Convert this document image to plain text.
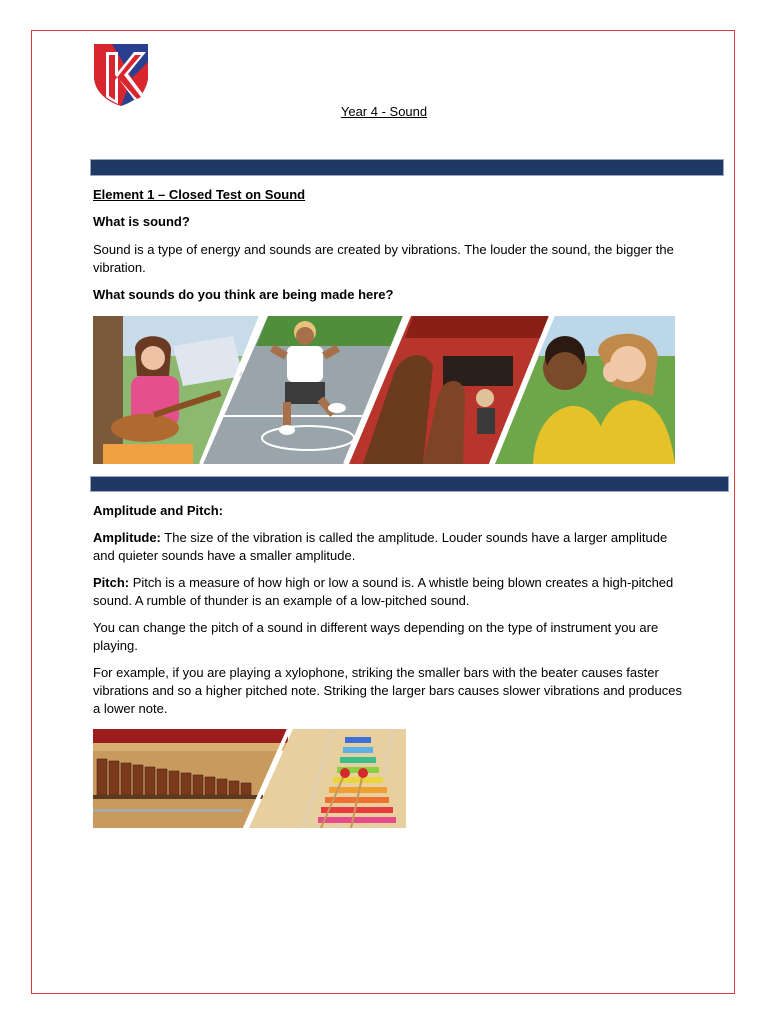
Year 4 - Sound

Element 1 – Closed Test on Sound

What is sound?

Sound is a type of energy and sounds are created by vibrations. The louder the sound, the bigger the vibration.

What sounds do you think are being made here?

Amplitude and Pitch:

Amplitude: The size of the vibration is called the amplitude. Louder sounds have a larger amplitude and quieter sounds have a smaller amplitude.

Pitch: Pitch is a measure of how high or low a sound is. A whistle being blown creates a high-pitched sound. A rumble of thunder is an example of a low-pitched sound.

You can change the pitch of a sound in different ways depending on the type of instrument you are playing.

For example, if you are playing a xylophone, striking the smaller bars with the beater causes faster vibrations and so a higher pitched note. Striking the larger bars causes slower vibrations and produces a lower note.
